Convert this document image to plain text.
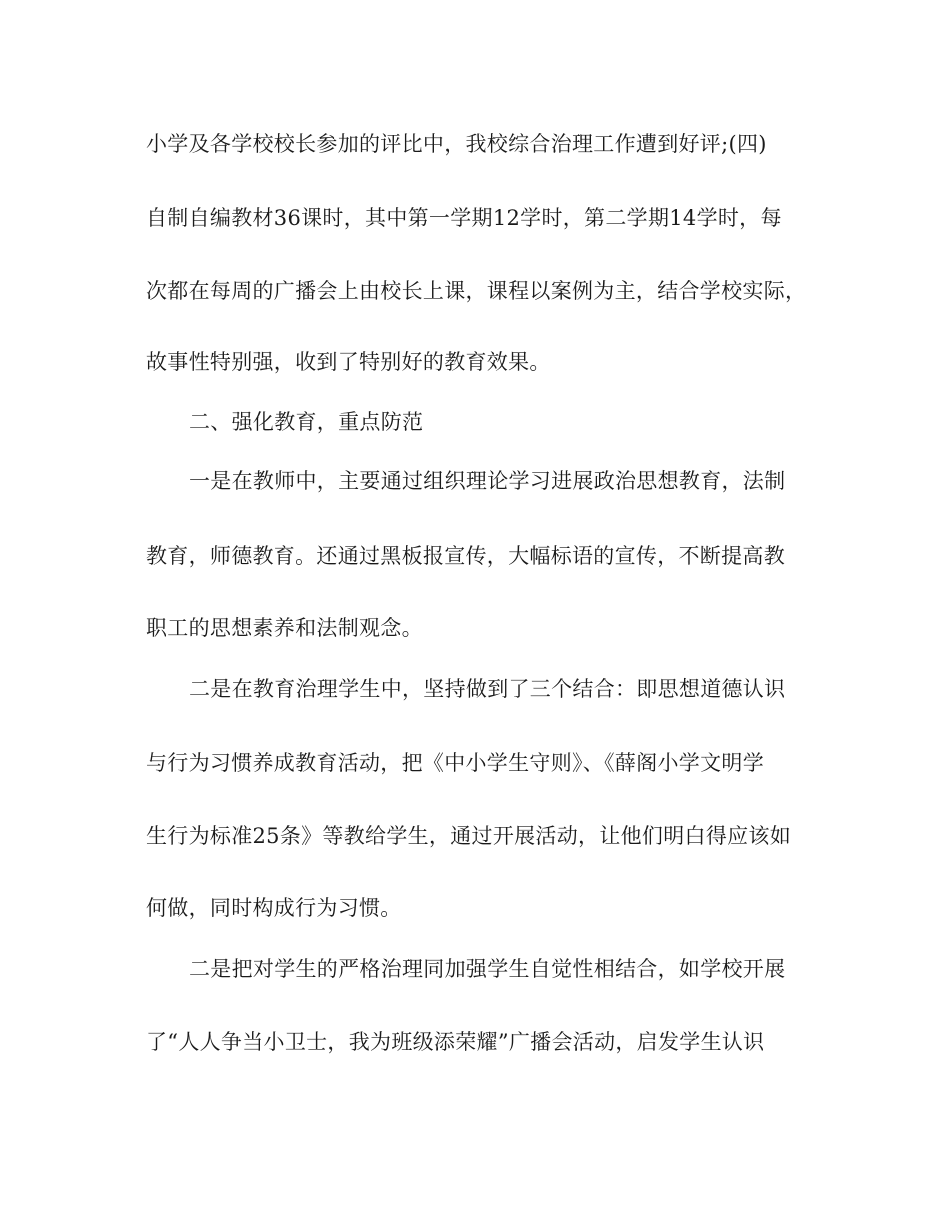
小学及各学校校长参加的评比中，我校综合治理工作遭到好评;(四)
自制自编教材36课时，其中第一学期12学时，第二学期14学时，每
次都在每周的广播会上由校长上课，课程以案例为主，结合学校实际，
故事性特别强，收到了特别好的教育效果。
二、强化教育，重点防范
一是在教师中，主要通过组织理论学习进展政治思想教育，法制
教育，师德教育。还通过黑板报宣传，大幅标语的宣传，不断提高教
职工的思想素养和法制观念。
二是在教育治理学生中，坚持做到了三个结合：即思想道德认识
与行为习惯养成教育活动，把《中小学生守则》、《薛阁小学文明学
生行为标准25条》等教给学生，通过开展活动，让他们明白得应该如
何做，同时构成行为习惯。
二是把对学生的严格治理同加强学生自觉性相结合，如学校开展
了“人人争当小卫士，我为班级添荣耀”广播会活动，启发学生认识
